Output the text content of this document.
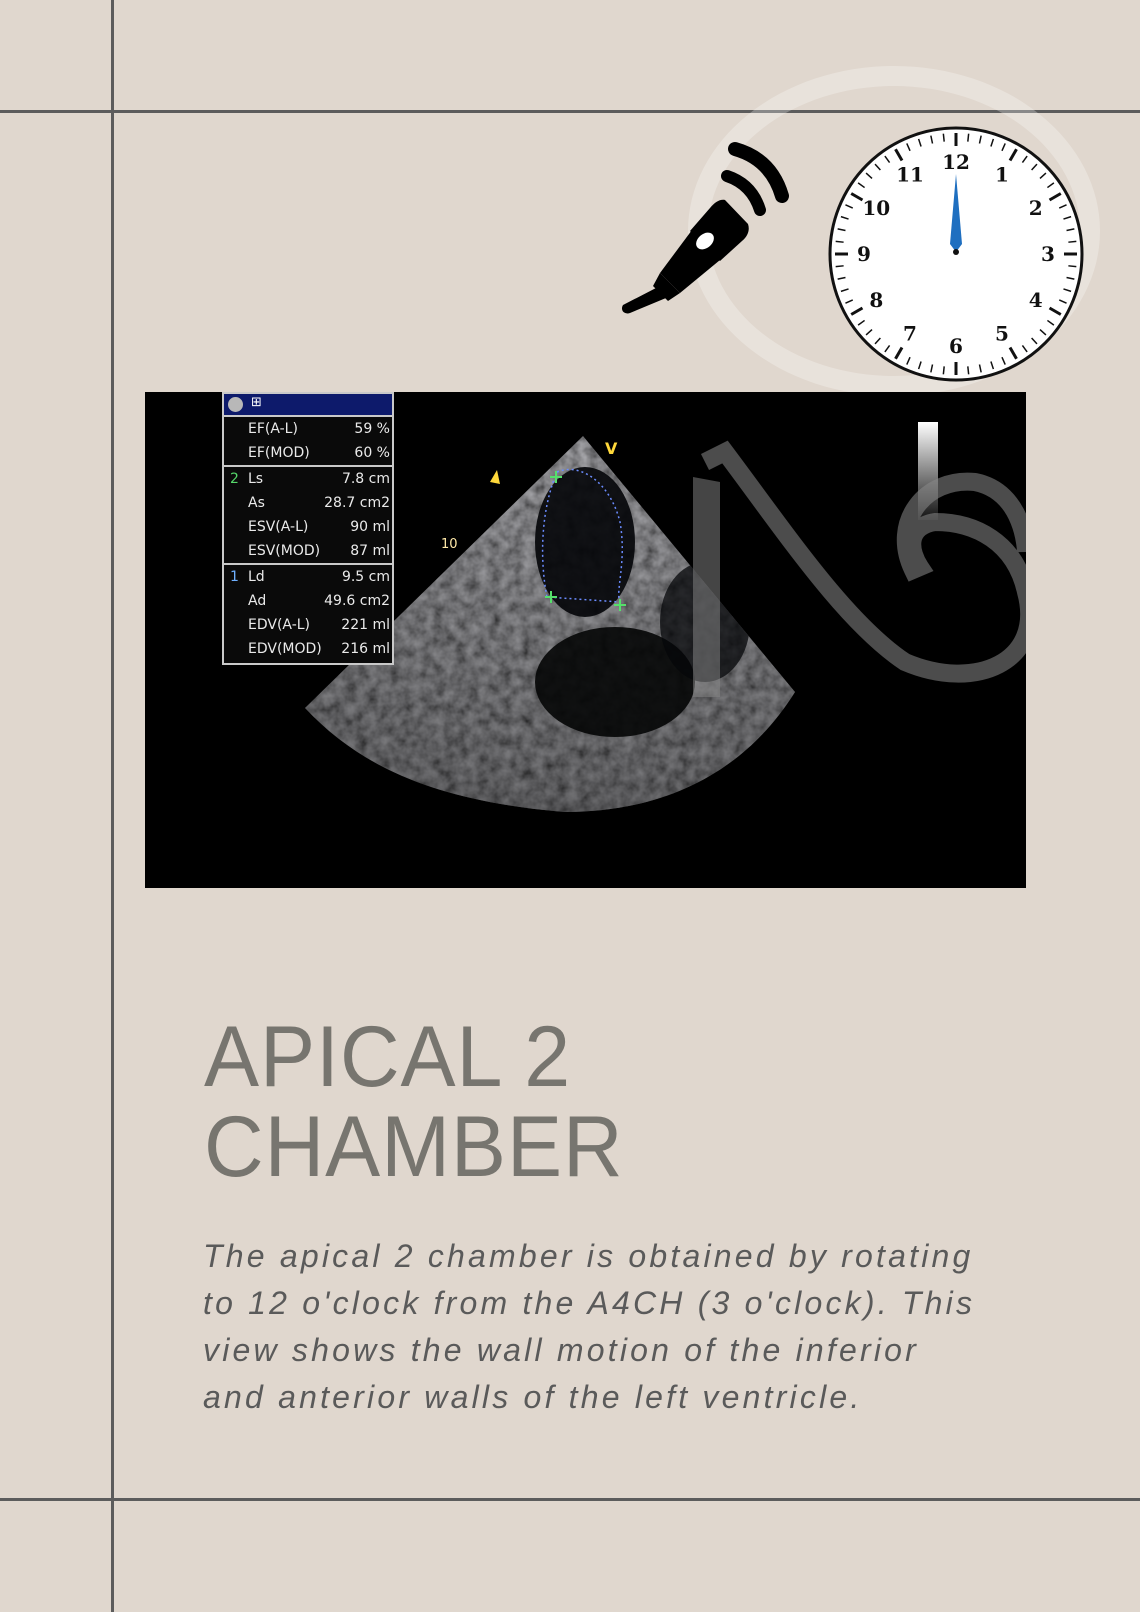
12
1
2
3
4
5
6
7
8
9
10
11
V
10
⊞
EF(A-L)	59 %
EF(MOD)	60 %
2 Ls	7.8 cm
As	28.7 cm2
ESV(A-L)	90 ml
ESV(MOD) 87 ml
1 Ld	9.5 cm
Ad	49.6 cm2
EDV(A-L) 221 ml
EDV(MOD) 216 ml
APICAL 2
CHAMBER
The apical 2 chamber is obtained by rotating
to 12 o'clock from the A4CH (3 o'clock). This
view shows the wall motion of the inferior
and anterior walls of the left ventricle.
